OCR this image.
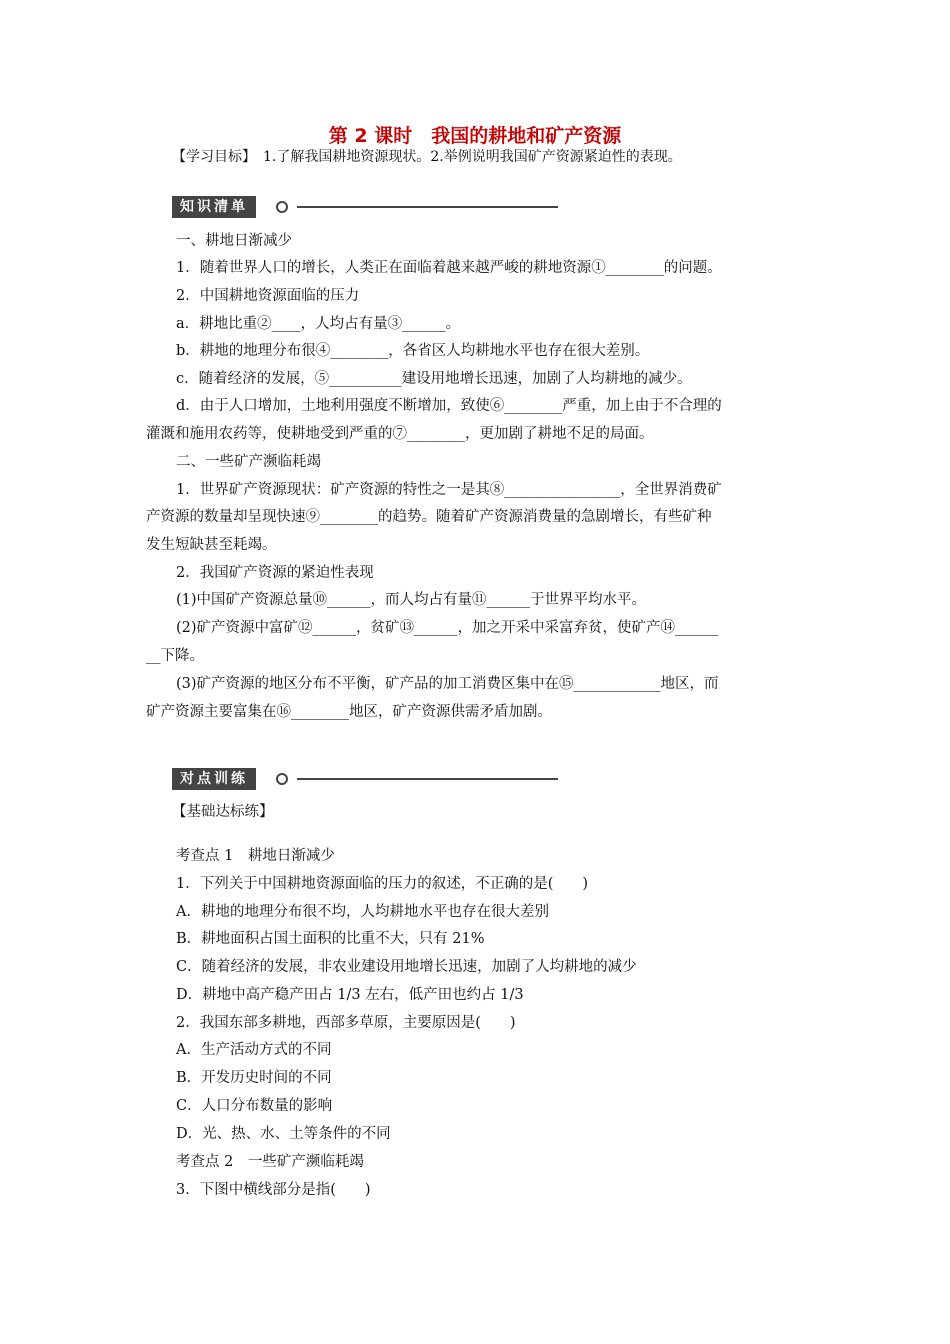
第 2 课时　我国的耕地和矿产资源
【学习目标】　1.了解我国耕地资源现状。2.举例说明我国矿产资源紧迫性的表现。
知识清单
一、耕地日渐减少
1．随着世界人口的增长，人类正在面临着越来越严峻的耕地资源①________的问题。
2．中国耕地资源面临的压力
a．耕地比重②____，人均占有量③______。
b．耕地的地理分布很④________，各省区人均耕地水平也存在很大差别。
c．随着经济的发展，⑤__________建设用地增长迅速，加剧了人均耕地的减少。
d．由于人口增加，土地利用强度不断增加，致使⑥________严重，加上由于不合理的
灌溉和施用农药等，使耕地受到严重的⑦________，更加剧了耕地不足的局面。
二、一些矿产濒临耗竭
1．世界矿产资源现状：矿产资源的特性之一是其⑧________________，全世界消费矿
产资源的数量却呈现快速⑨________的趋势。随着矿产资源消费量的急剧增长，有些矿种
发生短缺甚至耗竭。
2．我国矿产资源的紧迫性表现
(1)中国矿产资源总量⑩______，而人均占有量⑪______于世界平均水平。
(2)矿产资源中富矿⑫______，贫矿⑬______，加之开采中采富弃贫，使矿产⑭______
__下降。
(3)矿产资源的地区分布不平衡，矿产品的加工消费区集中在⑮____________地区，而
矿产资源主要富集在⑯________地区，矿产资源供需矛盾加剧。
对点训练
【基础达标练】
考查点 1　耕地日渐减少
1．下列关于中国耕地资源面临的压力的叙述，不正确的是(　　)
A．耕地的地理分布很不均，人均耕地水平也存在很大差别
B．耕地面积占国土面积的比重不大，只有 21%
C．随着经济的发展，非农业建设用地增长迅速，加剧了人均耕地的减少
D．耕地中高产稳产田占 1/3 左右，低产田也约占 1/3
2．我国东部多耕地，西部多草原，主要原因是(　　)
A．生产活动方式的不同
B．开发历史时间的不同
C．人口分布数量的影响
D．光、热、水、土等条件的不同
考查点 2　一些矿产濒临耗竭
3．下图中横线部分是指(　　)
